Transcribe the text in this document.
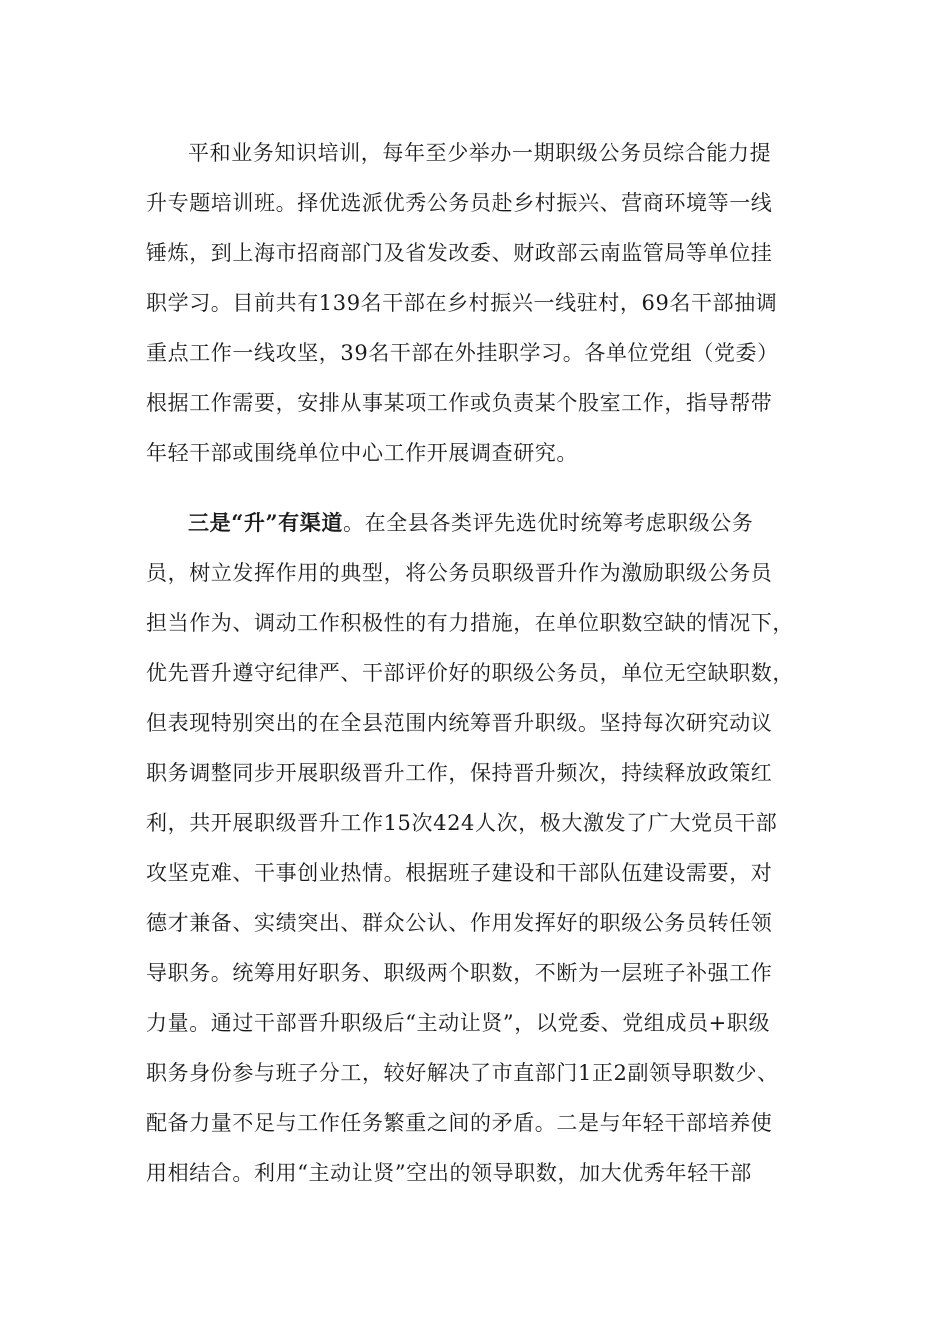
平和业务知识培训，每年至少举办一期职级公务员综合能力提
升专题培训班。择优选派优秀公务员赴乡村振兴、营商环境等一线
锤炼，到上海市招商部门及省发改委、财政部云南监管局等单位挂
职学习。目前共有139名干部在乡村振兴一线驻村，69名干部抽调
重点工作一线攻坚，39名干部在外挂职学习。各单位党组（党委）
根据工作需要，安排从事某项工作或负责某个股室工作，指导帮带
年轻干部或围绕单位中心工作开展调查研究。
三是“升”有渠道。在全县各类评先选优时统筹考虑职级公务
员，树立发挥作用的典型，将公务员职级晋升作为激励职级公务员
担当作为、调动工作积极性的有力措施，在单位职数空缺的情况下，
优先晋升遵守纪律严、干部评价好的职级公务员，单位无空缺职数，
但表现特别突出的在全县范围内统筹晋升职级。坚持每次研究动议
职务调整同步开展职级晋升工作，保持晋升频次，持续释放政策红
利，共开展职级晋升工作15次424人次，极大激发了广大党员干部
攻坚克难、干事创业热情。根据班子建设和干部队伍建设需要，对
德才兼备、实绩突出、群众公认、作用发挥好的职级公务员转任领
导职务。统筹用好职务、职级两个职数，不断为一层班子补强工作
力量。通过干部晋升职级后“主动让贤”，以党委、党组成员+职级
职务身份参与班子分工，较好解决了市直部门1正2副领导职数少、
配备力量不足与工作任务繁重之间的矛盾。二是与年轻干部培养使
用相结合。利用“主动让贤”空出的领导职数，加大优秀年轻干部
